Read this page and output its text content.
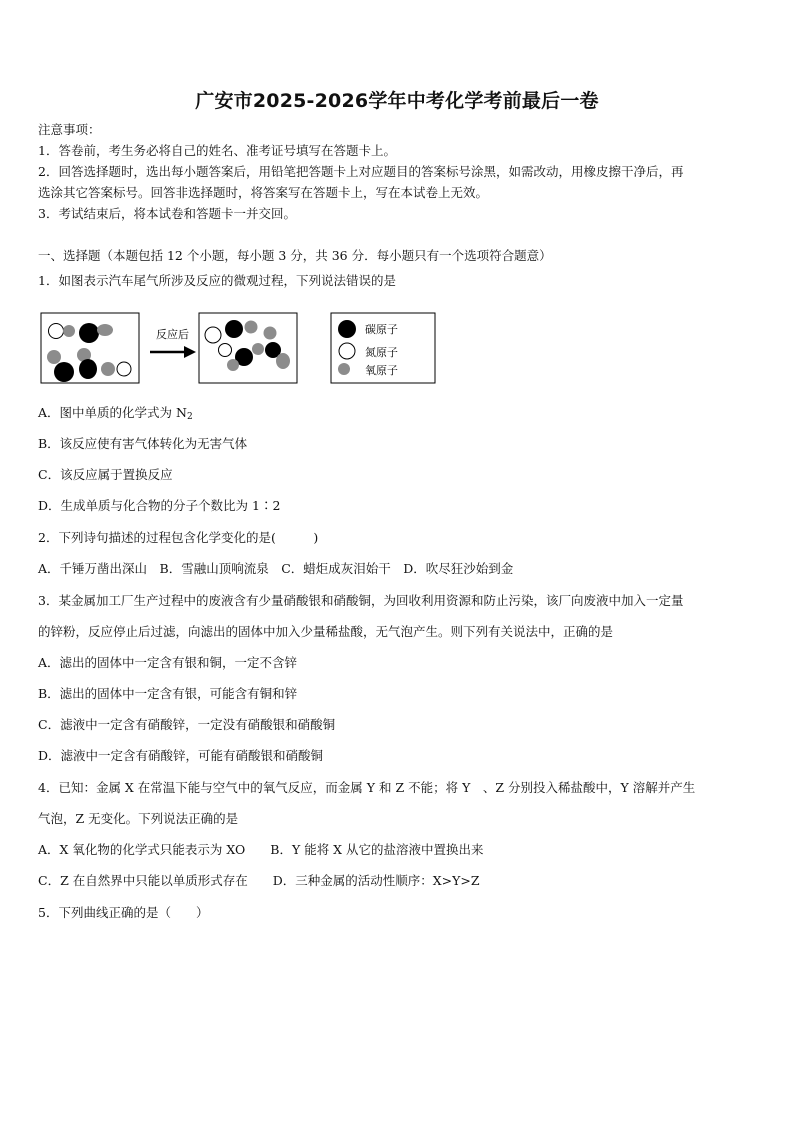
广安市2025-2026学年中考化学考前最后一卷
注意事项：
1．答卷前，考生务必将自己的姓名、准考证号填写在答题卡上。
2．回答选择题时，选出每小题答案后，用铅笔把答题卡上对应题目的答案标号涂黑，如需改动，用橡皮擦干净后，再
选涂其它答案标号。回答非选择题时，将答案写在答题卡上，写在本试卷上无效。
3．考试结束后，将本试卷和答题卡一并交回。
一、选择题（本题包括 12 个小题，每小题 3 分，共 36 分．每小题只有一个选项符合题意）
1．如图表示汽车尾气所涉及反应的微观过程，下列说法错误的是
反应后	碳原子
氮原子
氧原子
A．图中单质的化学式为 $N_2$
B．该反应使有害气体转化为无害气体
C．该反应属于置换反应
D．生成单质与化合物的分子个数比为 1∶2
2．下列诗句描述的过程包含化学变化的是(　　　)
A．千锤万凿出深山　B．雪融山顶响流泉　C．蜡炬成灰泪始干　D．吹尽狂沙始到金
3．某金属加工厂生产过程中的废液含有少量硝酸银和硝酸铜，为回收利用资源和防止污染，该厂向废液中加入一定量
的锌粉，反应停止后过滤，向滤出的固体中加入少量稀盐酸，无气泡产生。则下列有关说法中，正确的是
A．滤出的固体中一定含有银和铜，一定不含锌
B．滤出的固体中一定含有银，可能含有铜和锌
C．滤液中一定含有硝酸锌，一定没有硝酸银和硝酸铜
D．滤液中一定含有硝酸锌，可能有硝酸银和硝酸铜
4．已知：金属 X 在常温下能与空气中的氧气反应，而金属 Y 和 Z 不能；将 Y　、Z 分别投入稀盐酸中，Y 溶解并产生
气泡，Z 无变化。下列说法正确的是
A．X 氧化物的化学式只能表示为 XO　　B．Y 能将 X 从它的盐溶液中置换出来
C．Z 在自然界中只能以单质形式存在　　D．三种金属的活动性顺序：X>Y>Z
5．下列曲线正确的是（　　）
